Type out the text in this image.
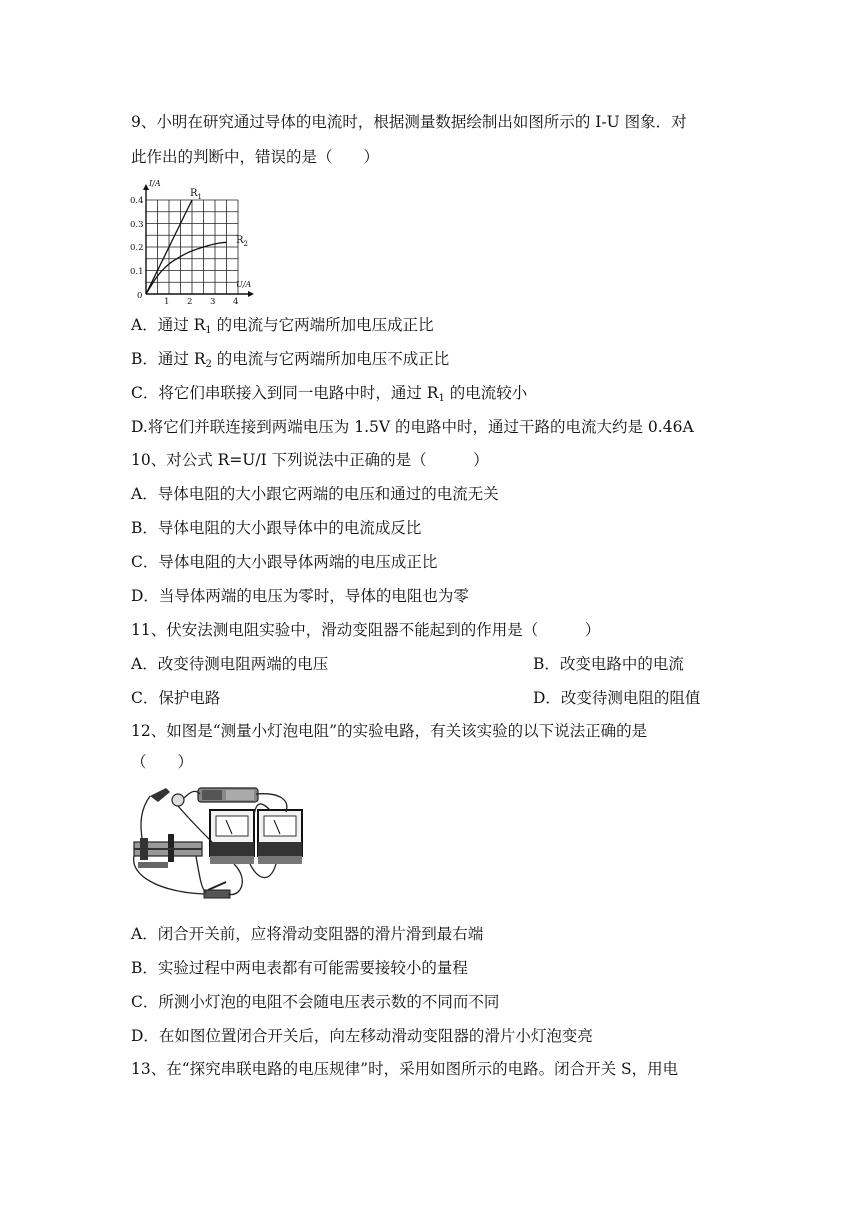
9、小明在研究通过导体的电流时，根据测量数据绘制出如图所示的 I-U 图象．对
此作出的判断中，错误的是（　　）
I/A
U/A
0
0.1
0.2
0.3
0.4
1 2 3 4
$R_1$
$R_2$
A．通过 $R_1$ 的电流与它两端所加电压成正比
B．通过 $R_2$ 的电流与它两端所加电压不成正比
C．将它们串联接入到同一电路中时，通过 $R_1$ 的电流较小
D.将它们并联连接到两端电压为 1.5V 的电路中时，通过干路的电流大约是 0.46A
10、对公式 R=U/I 下列说法中正确的是（　　　）
A．导体电阻的大小跟它两端的电压和通过的电流无关
B．导体电阻的大小跟导体中的电流成反比
C．导体电阻的大小跟导体两端的电压成正比
D．当导体两端的电压为零时，导体的电阻也为零
11、伏安法测电阻实验中，滑动变阻器不能起到的作用是（　　　）
A．改变待测电阻两端的电压	B．改变电路中的电流
C．保护电路	D．改变待测电阻的阻值
12、如图是“测量小灯泡电阻”的实验电路，有关该实验的以下说法正确的是
（　　）
A．闭合开关前，应将滑动变阻器的滑片滑到最右端
B．实验过程中两电表都有可能需要接较小的量程
C．所测小灯泡的电阻不会随电压表示数的不同而不同
D．在如图位置闭合开关后，向左移动滑动变阻器的滑片小灯泡变亮
13、在“探究串联电路的电压规律”时，采用如图所示的电路。闭合开关 S，用电
